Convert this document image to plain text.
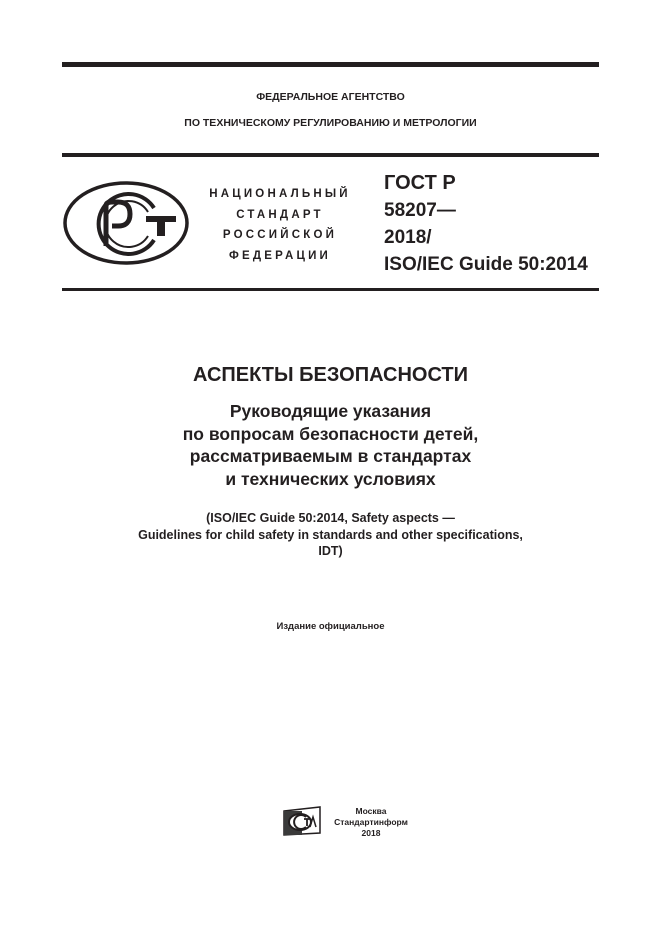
ФЕДЕРАЛЬНОЕ АГЕНТСТВО
ПО ТЕХНИЧЕСКОМУ РЕГУЛИРОВАНИЮ И МЕТРОЛОГИИ
НАЦИОНАЛЬНЫЙ
СТАНДАРТ
РОССИЙСКОЙ
ФЕДЕРАЦИИ
ГОСТ Р
58207—
2018/
ISO/IEC Guide 50:2014
АСПЕКТЫ БЕЗОПАСНОСТИ
Руководящие указания
по вопросам безопасности детей,
рассматриваемым в стандартах
и технических условиях
(ISO/IEC Guide 50:2014, Safety aspects —
Guidelines for child safety in standards and other specifications,
IDT)
Издание официальное
Москва
Стандартинформ
2018
